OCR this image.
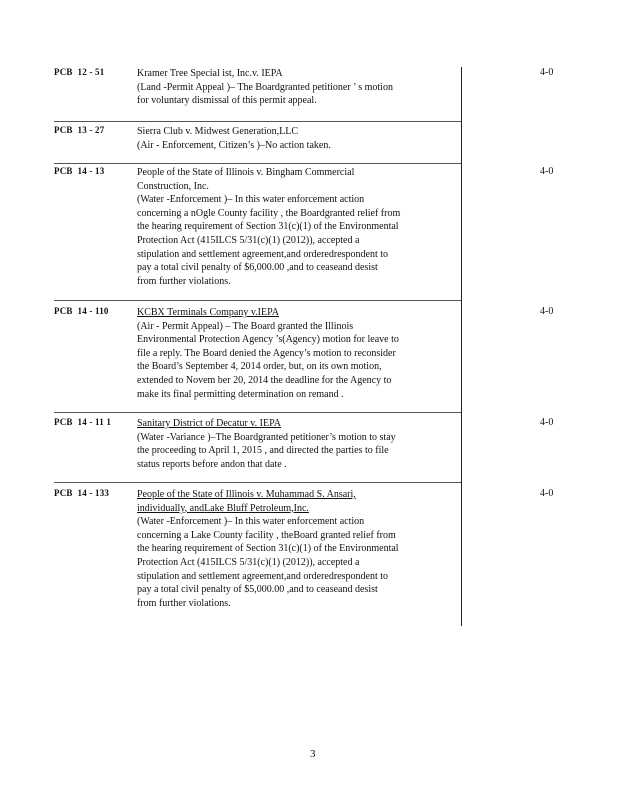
PCB  12 - 51	Kramer Tree Special ist, Inc.v. IEPA
(Land -Permit Appeal )– The Boardgranted petitioner ’ s motion
for voluntary dismissal of this permit appeal.
4-0
PCB  13 - 27	Sierra Club v. Midwest Generation,LLC
(Air - Enforcement, Citizen’s )–No action taken.
PCB  14 - 13	People of the State of Illinois v. Bingham Commercial
Construction, Inc.
(Water -Enforcement )– In this water enforcement action
concerning a nOgle County facility , the Boardgranted relief from
the hearing requirement of Section 31(c)(1) of the Environmental
Protection Act (415ILCS 5/31(c)(1) (2012)), accepted a
stipulation and settlement agreement,and orderedrespondent to
pay a total civil penalty of $6,000.00 ,and to ceaseand desist
from further violations.
4-0
PCB  14 - 110	KCBX Terminals Company v.IEPA
(Air - Permit Appeal) – The Board granted the Illinois
Environmental Protection Agency ’s(Agency) motion for leave to
file a reply. The Board denied the Agency’s motion to reconsider
the Board’s September 4, 2014 order, but, on its own motion,
extended to Novem ber 20, 2014 the deadline for the Agency to
make its final permitting determination on remand .
4-0
PCB  14 - 11 1	Sanitary District of Decatur v. IEPA
(Water -Variance )–The Boardgranted petitioner’s motion to stay
the proceeding to April 1, 2015 , and directed the parties to file
status reports before andon that date .
4-0
PCB  14 - 133	People of the State of Illinois v. Muhammad S. Ansari,
individually, andLake Bluff Petroleum,Inc.
(Water -Enforcement )– In this water enforcement action
concerning a Lake County facility , theBoard granted relief from
the hearing requirement of Section 31(c)(1) of the Environmental
Protection Act (415ILCS 5/31(c)(1) (2012)), accepted a
stipulation and settlement agreement,and orderedrespondent to
pay a total civil penalty of $5,000.00 ,and to ceaseand desist
from further violations.
4-0
3
